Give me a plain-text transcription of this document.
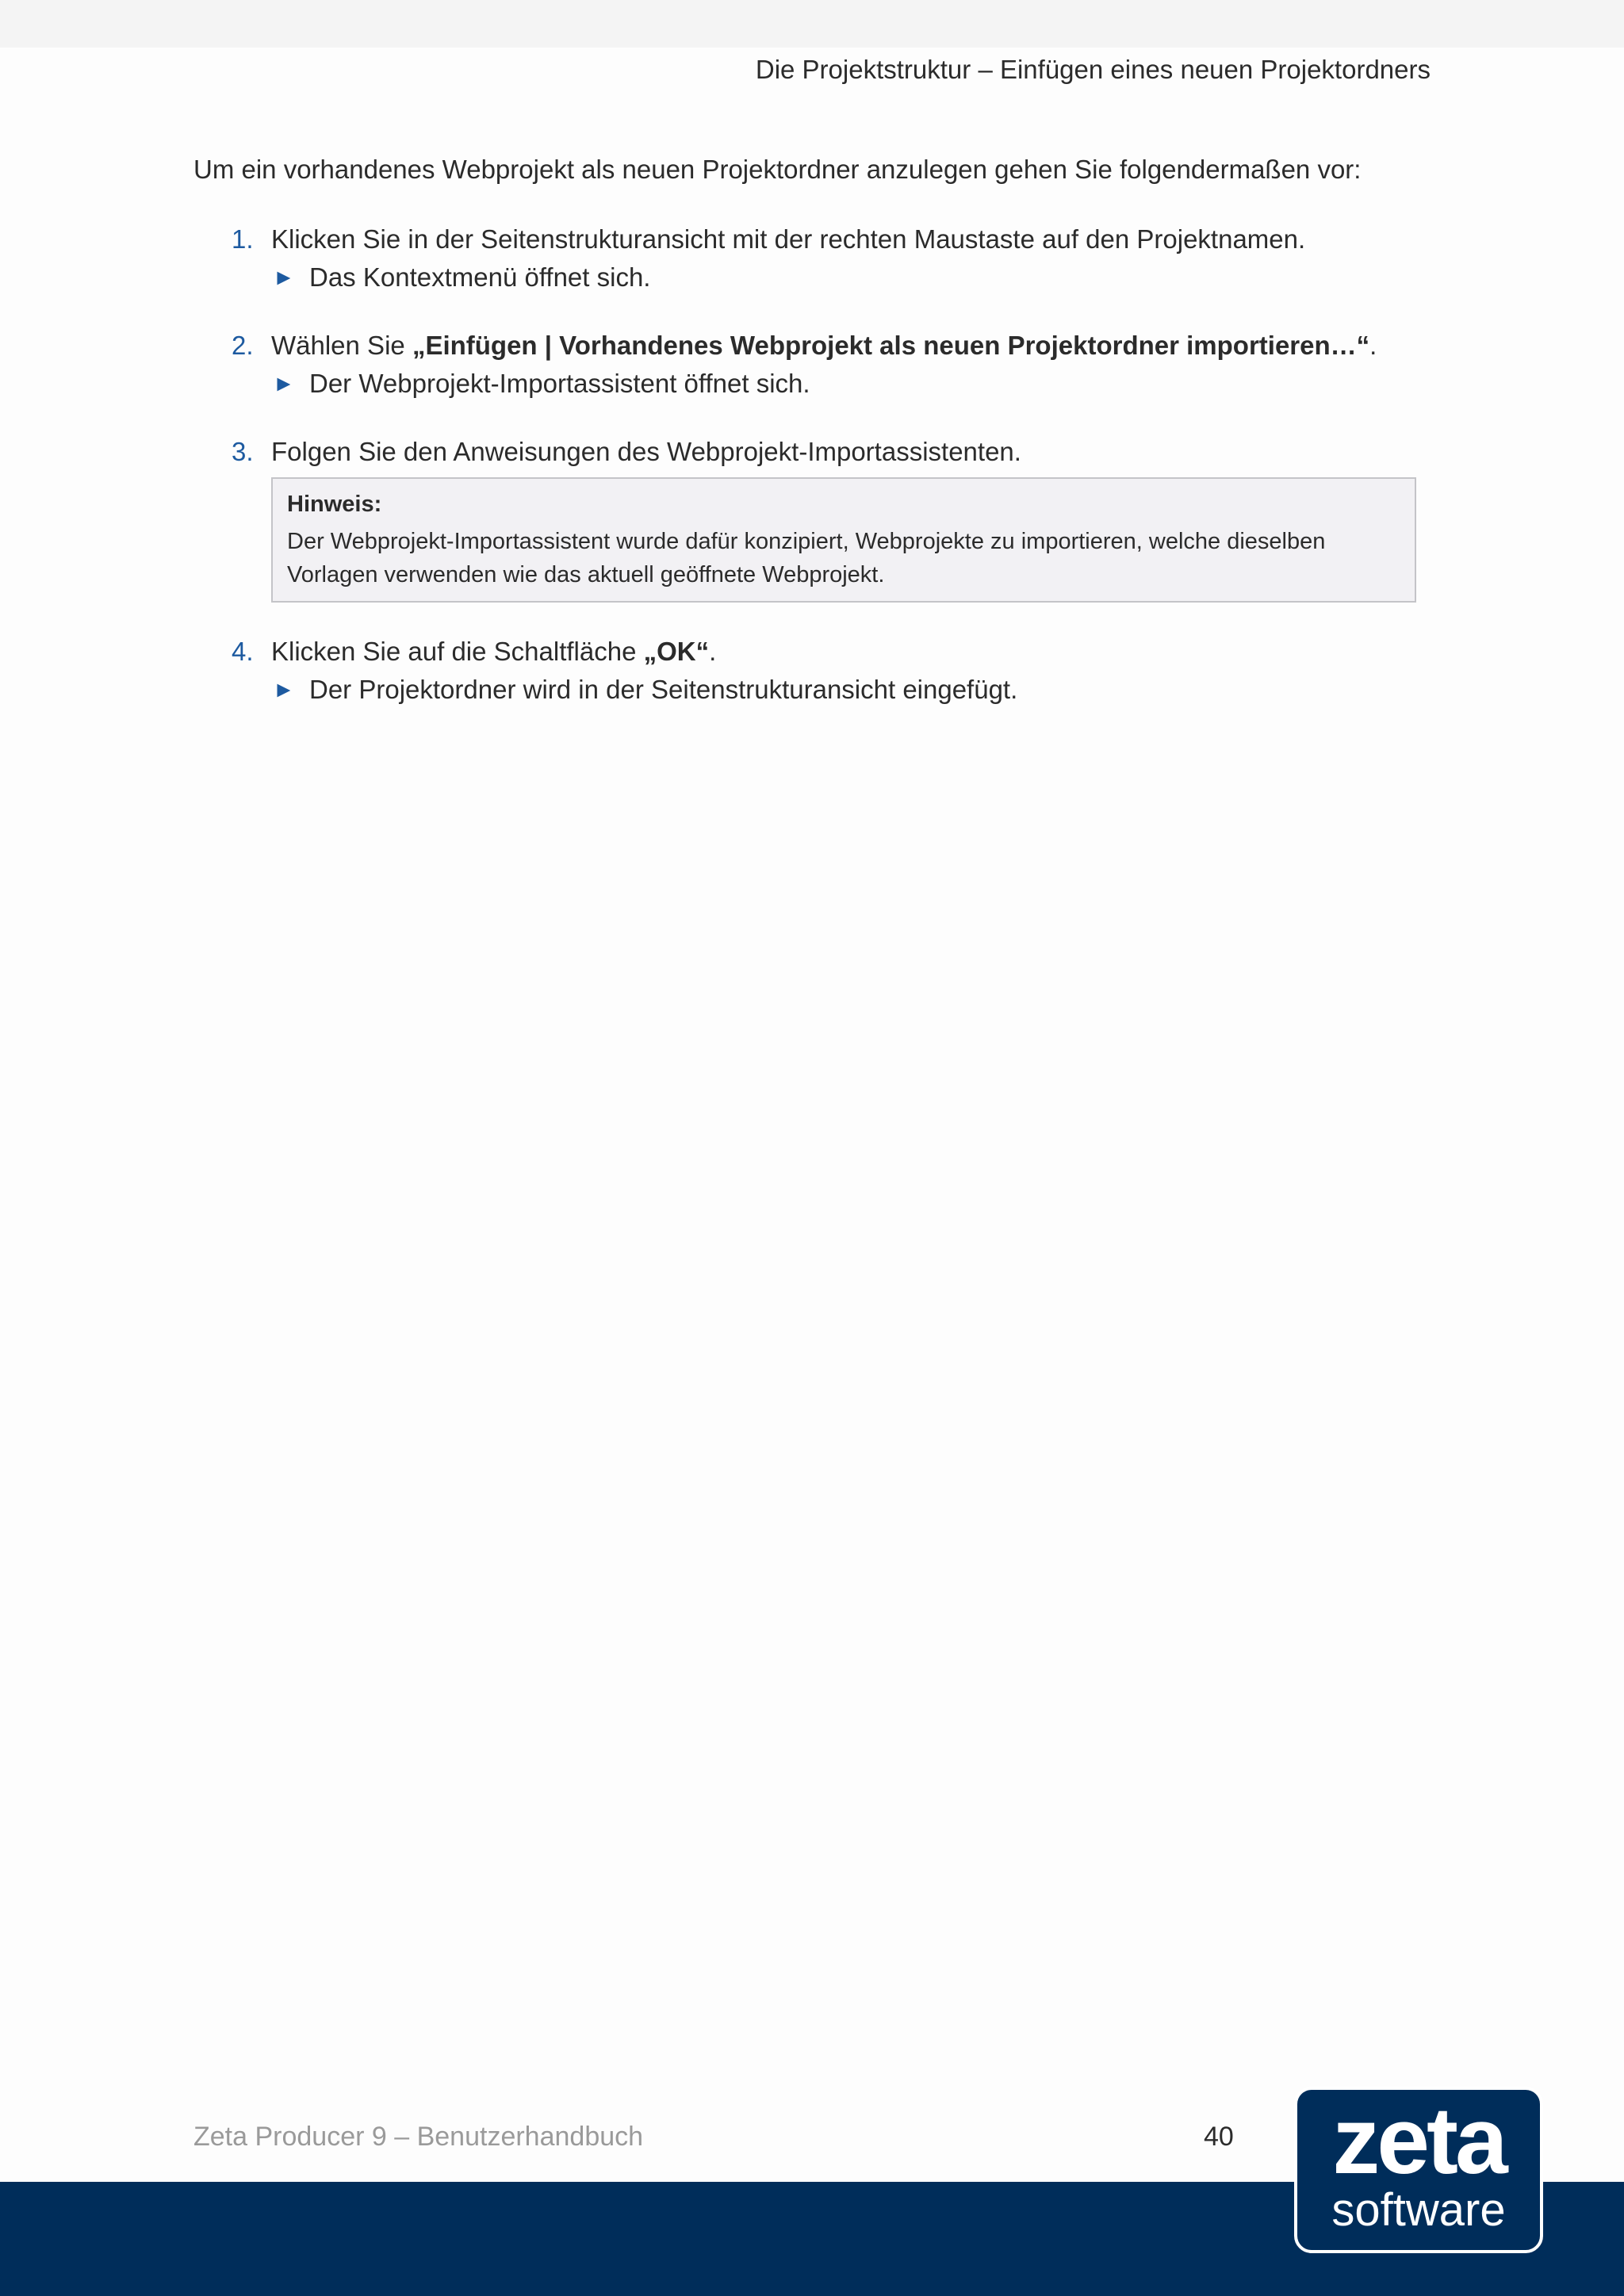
Die Projektstruktur – Einfügen eines neuen Projektordners
Um ein vorhandenes Webprojekt als neuen Projektordner anzulegen gehen Sie folgendermaßen vor:
1. Klicken Sie in der Seitenstrukturansicht mit der rechten Maustaste auf den Projektnamen.
► Das Kontextmenü öffnet sich.
2. Wählen Sie „Einfügen | Vorhandenes Webprojekt als neuen Projektordner importieren…“.
► Der Webprojekt-Importassistent öffnet sich.
3. Folgen Sie den Anweisungen des Webprojekt-Importassistenten.
Hinweis:
Der Webprojekt-Importassistent wurde dafür konzipiert, Webprojekte zu importieren, welche dieselben Vorlagen verwenden wie das aktuell geöffnete Webprojekt.
4. Klicken Sie auf die Schaltfläche „OK“.
► Der Projektordner wird in der Seitenstrukturansicht eingefügt.
Zeta Producer 9 – Benutzerhandbuch	40	zeta
software
